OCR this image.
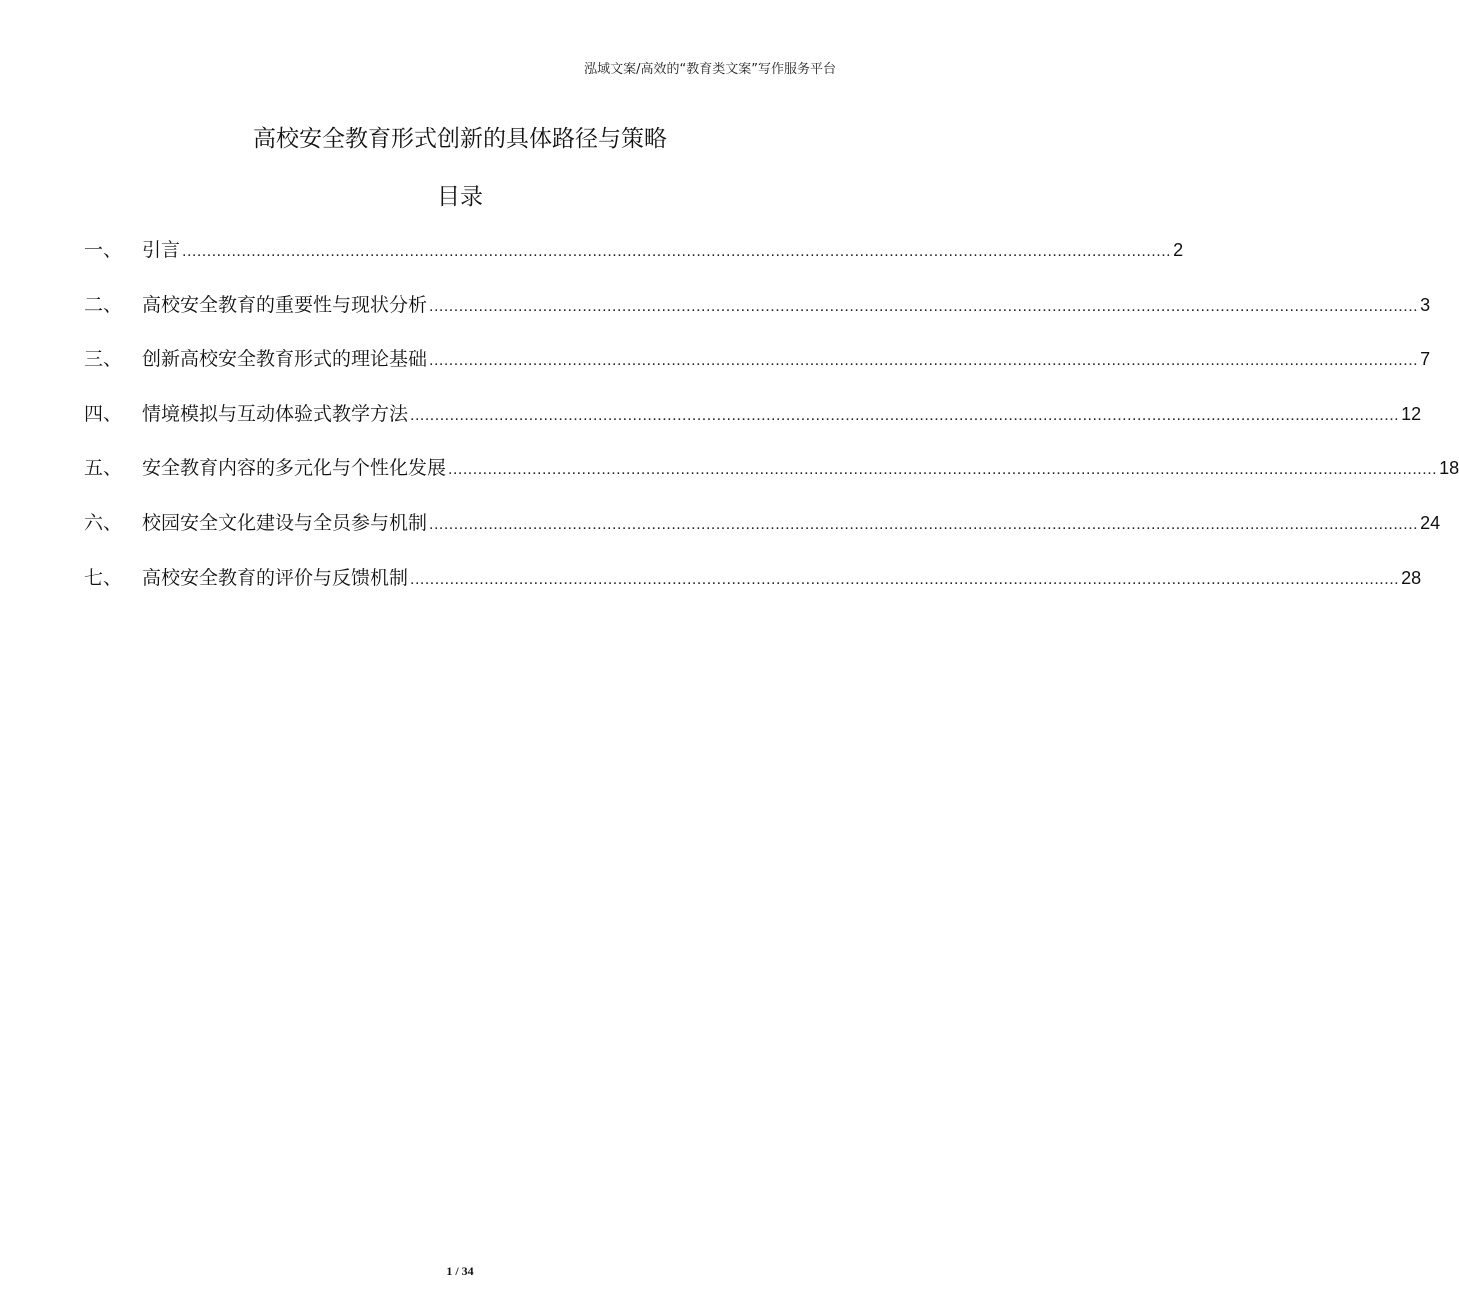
泓域文案/高效的“教育类文案”写作服务平台
高校安全教育形式创新的具体路径与策略
目录
一、	引言 ........................................................................................................................................................................................................ 2
二、	高校安全教育的重要性与现状分析 ........................................................................................................................................................................................................ 3
三、	创新高校安全教育形式的理论基础 ........................................................................................................................................................................................................ 7
四、	情境模拟与互动体验式教学方法 ........................................................................................................................................................................................................ 12
五、	安全教育内容的多元化与个性化发展 ........................................................................................................................................................................................................ 18
六、	校园安全文化建设与全员参与机制 ........................................................................................................................................................................................................ 24
七、	高校安全教育的评价与反馈机制 ........................................................................................................................................................................................................ 28
1 / 34
